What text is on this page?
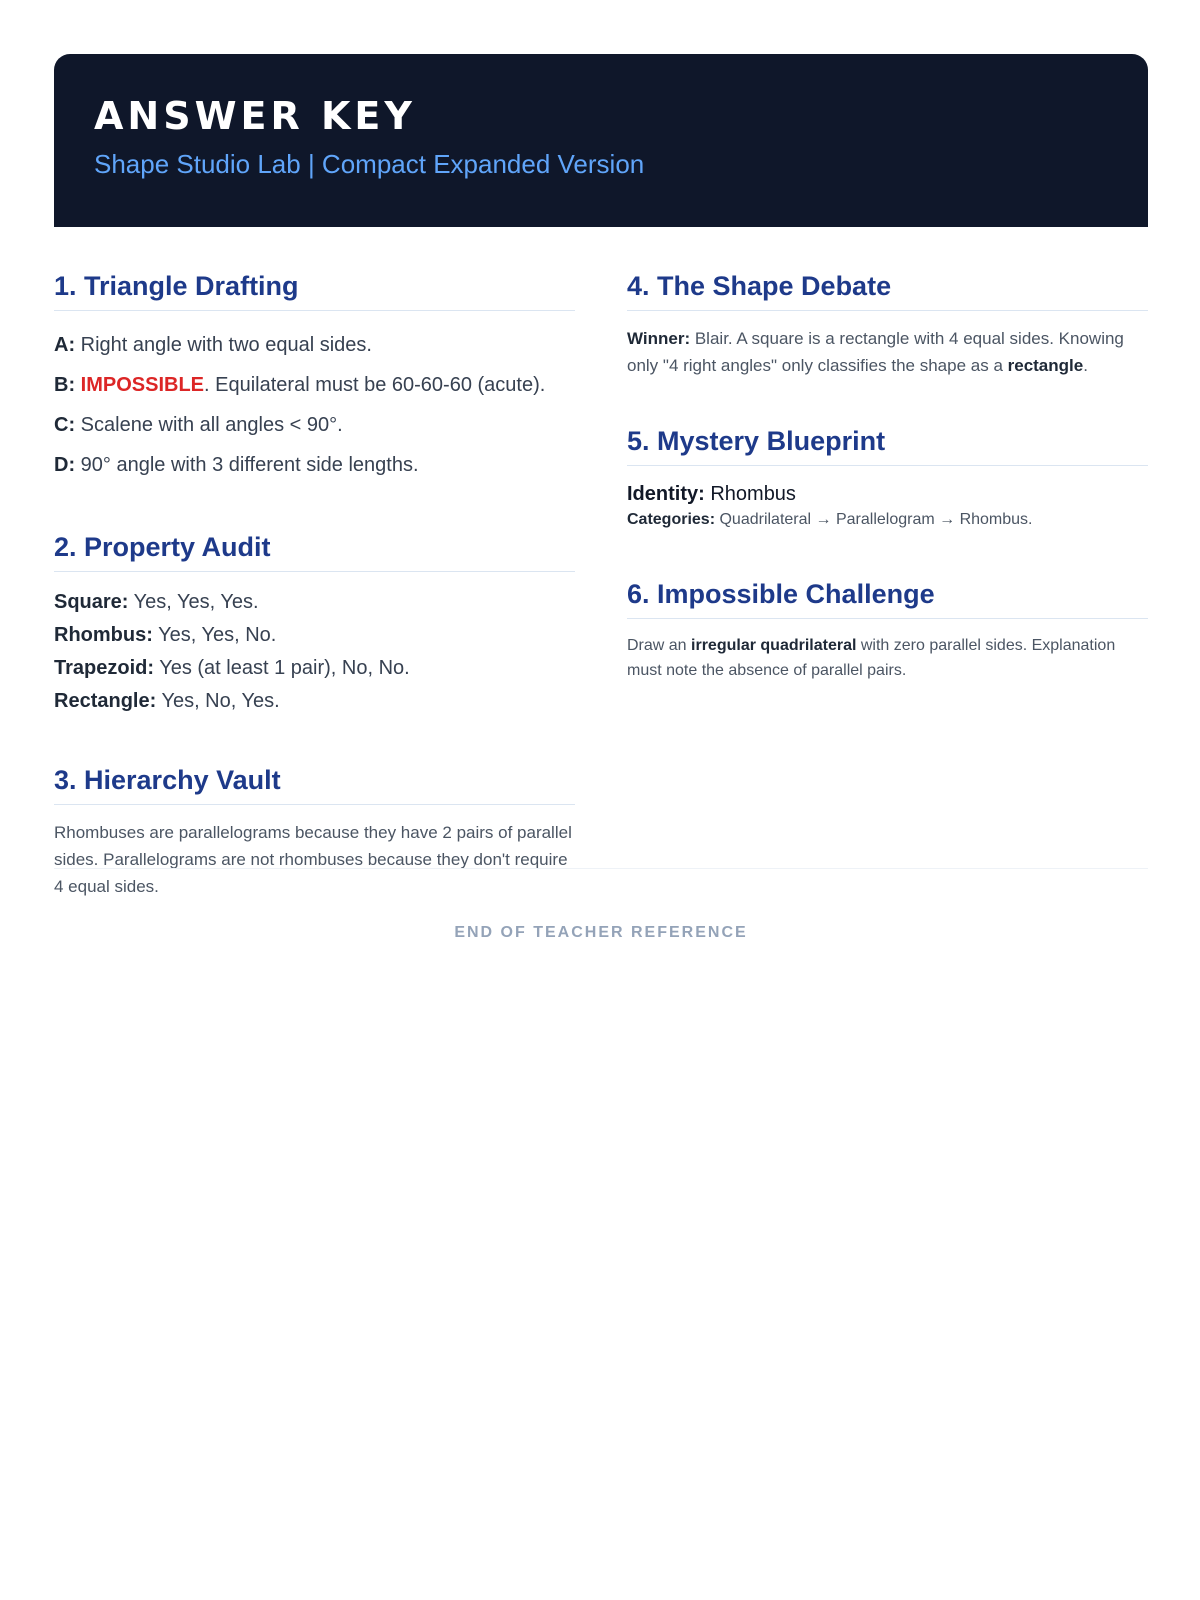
ANSWER KEY
Shape Studio Lab | Compact Expanded Version
1. Triangle Drafting
A: Right angle with two equal sides.
B: IMPOSSIBLE. Equilateral must be 60-60-60 (acute).
C: Scalene with all angles < 90°.
D: 90° angle with 3 different side lengths.
2. Property Audit
Square: Yes, Yes, Yes.
Rhombus: Yes, Yes, No.
Trapezoid: Yes (at least 1 pair), No, No.
Rectangle: Yes, No, Yes.
3. Hierarchy Vault
Rhombuses are parallelograms because they have 2 pairs of parallel sides. Parallelograms are not rhombuses because they don't require 4 equal sides.
4. The Shape Debate
Winner: Blair. A square is a rectangle with 4 equal sides. Knowing only "4 right angles" only classifies the shape as a rectangle.
5. Mystery Blueprint
Identity: Rhombus
Categories: Quadrilateral → Parallelogram → Rhombus.
6. Impossible Challenge
Draw an irregular quadrilateral with zero parallel sides. Explanation must note the absence of parallel pairs.
END OF TEACHER REFERENCE
